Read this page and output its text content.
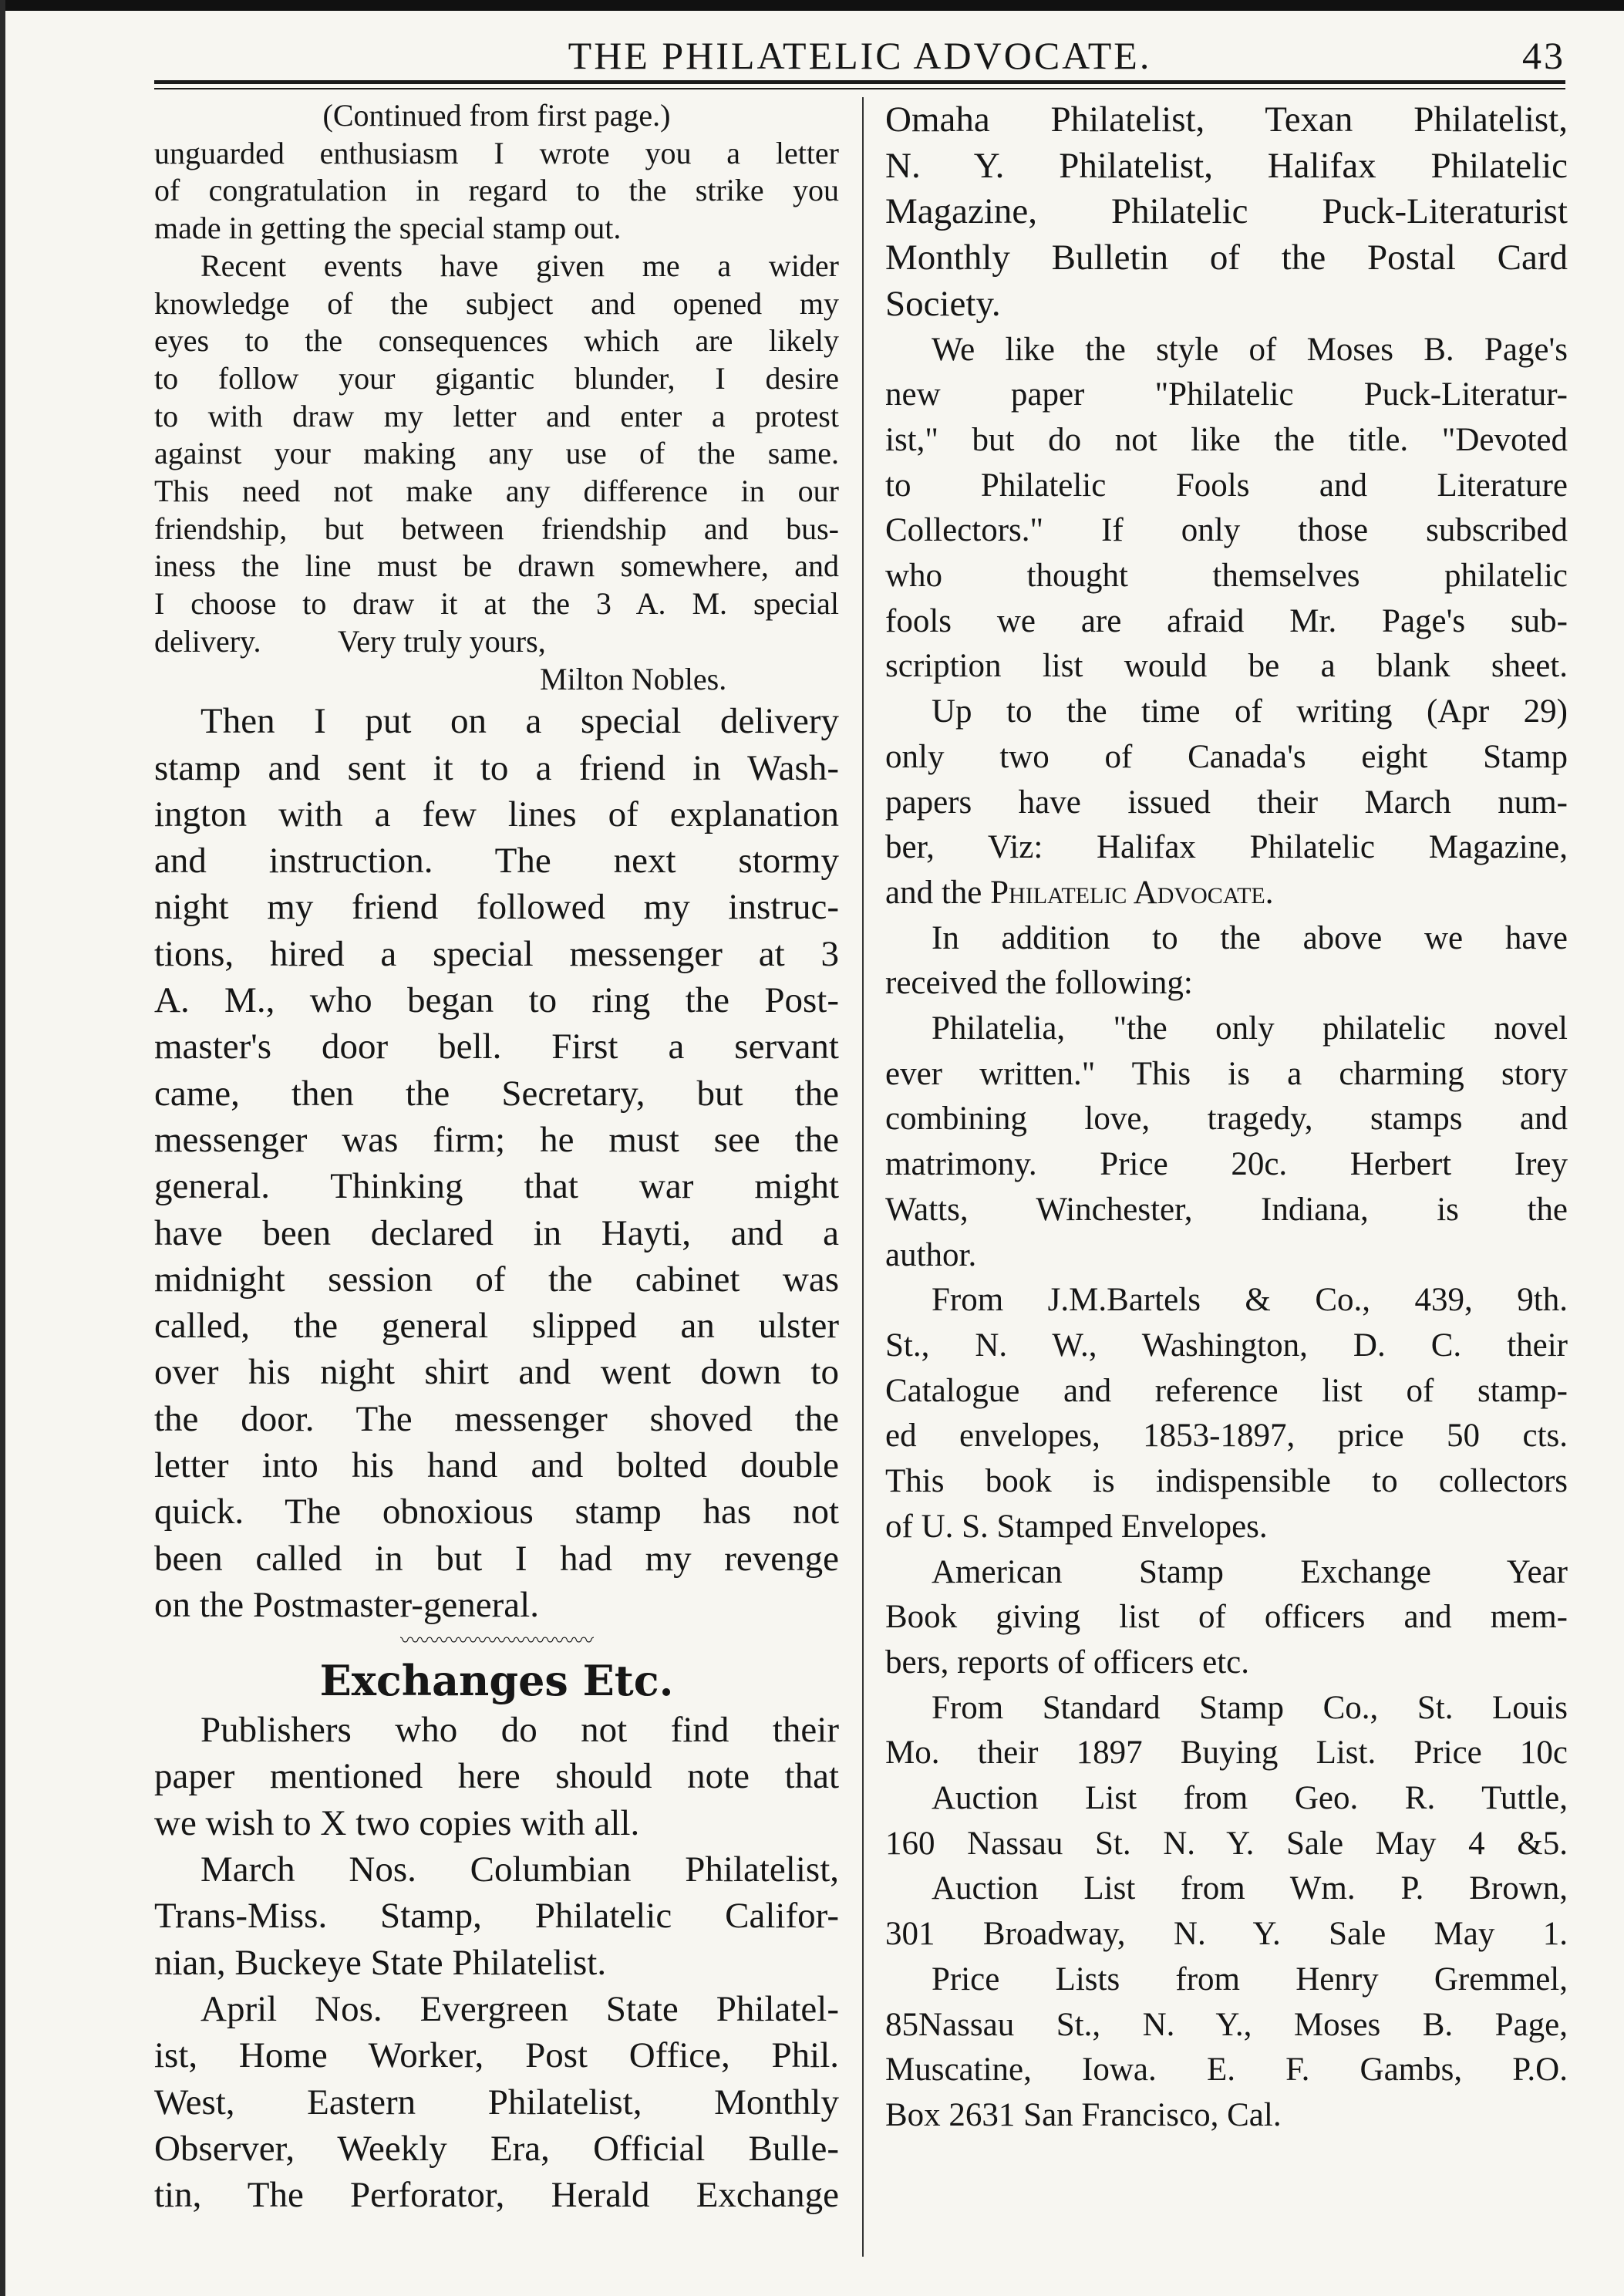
THE PHILATELIC ADVOCATE.	43
(Continued from first page.)
unguarded enthusiasm I wrote you a letter
of congratulation in regard to the strike you
made in getting the special stamp out.
Recent events have given me a wider
knowledge of the subject and opened my
eyes to the consequences which are likely
to follow your gigantic blunder, I desire
to with draw my letter and enter a protest
against your making any use of the same.
This need not make any difference in our
friendship, but between friendship and bus-
iness the line must be drawn somewhere, and
I choose to draw it at the 3 A. M. special
delivery.          Very truly yours,
Milton Nobles.
Then I put on a special delivery
stamp and sent it to a friend in Wash-
ington with a few lines of explanation
and instruction. The next stormy
night my friend followed my instruc-
tions, hired a special messenger at 3
A. M., who began to ring the Post-
master's door bell. First a servant
came, then the Secretary, but the
messenger was firm; he must see the
general. Thinking that war might
have been declared in Hayti, and a
midnight session of the cabinet was
called, the general slipped an ulster
over his night shirt and went down to
the door. The messenger shoved the
letter into his hand and bolted double
quick. The obnoxious stamp has not
been called in but I had my revenge
on the Postmaster-general.
〰〰〰〰〰〰〰〰〰〰
Exchanges Etc.
Publishers who do not find their
paper mentioned here should note that
we wish to X two copies with all.
March Nos. Columbian Philatelist,
Trans-Miss. Stamp, Philatelic Califor-
nian, Buckeye State Philatelist.
April Nos. Evergreen State Philatel-
ist, Home Worker, Post Office, Phil.
West, Eastern Philatelist, Monthly
Observer, Weekly Era, Official Bulle-
tin, The Perforator, Herald Exchange
Omaha Philatelist, Texan Philatelist,
N. Y. Philatelist, Halifax Philatelic
Magazine, Philatelic Puck-Literaturist
Monthly Bulletin of the Postal Card
Society.
We like the style of Moses B. Page's
new paper "Philatelic Puck-Literatur-
ist," but do not like the title. "Devoted
to Philatelic Fools and Literature
Collectors." If only those subscribed
who thought themselves philatelic
fools we are afraid Mr. Page's sub-
scription list would be a blank sheet.
Up to the time of writing (Apr 29)
only two of Canada's eight Stamp
papers have issued their March num-
ber, Viz: Halifax Philatelic Magazine,
and the Philatelic Advocate.
In addition to the above we have
received the following:
Philatelia, "the only philatelic novel
ever written." This is a charming story
combining love, tragedy, stamps and
matrimony. Price 20c. Herbert Irey
Watts, Winchester, Indiana, is the
author.
From J.M.Bartels & Co., 439, 9th.
St., N. W., Washington, D. C. their
Catalogue and reference list of stamp-
ed envelopes, 1853-1897, price 50 cts.
This book is indispensible to collectors
of U. S. Stamped Envelopes.
American Stamp Exchange Year
Book giving list of officers and mem-
bers, reports of officers etc.
From Standard Stamp Co., St. Louis
Mo. their 1897 Buying List. Price 10c
Auction List from Geo. R. Tuttle,
160 Nassau St. N. Y. Sale May 4 &5.
Auction List from Wm. P. Brown,
301 Broadway, N. Y. Sale May 1.
Price Lists from Henry Gremmel,
85Nassau St., N. Y., Moses B. Page,
Muscatine, Iowa. E. F. Gambs, P.O.
Box 2631 San Francisco, Cal.
